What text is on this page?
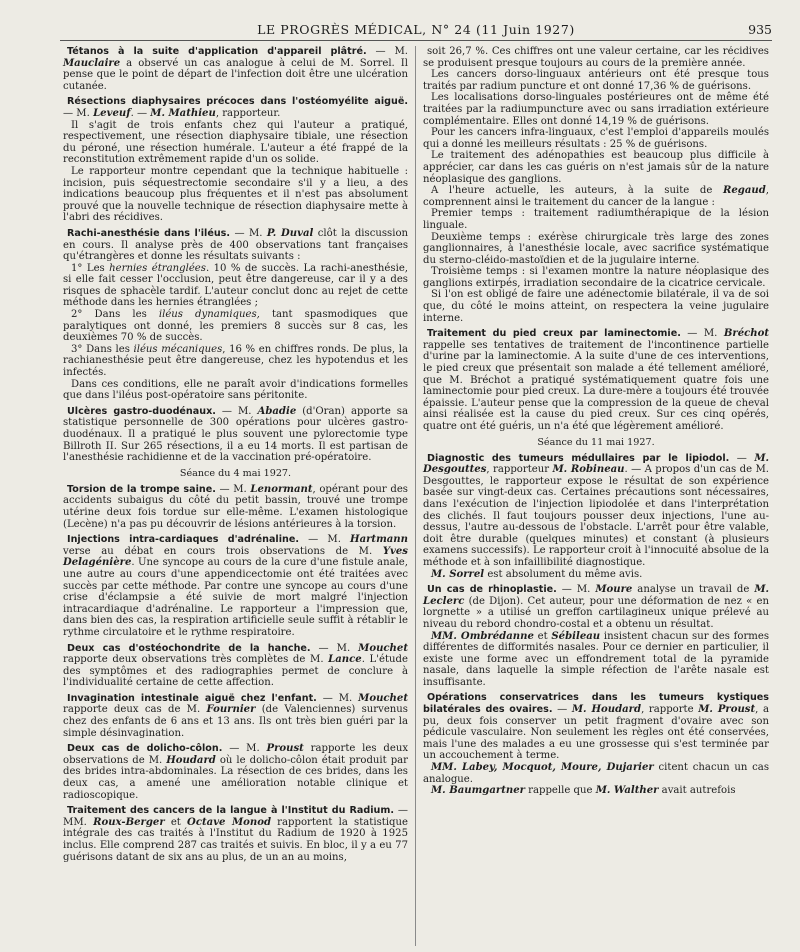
LE PROGRÈS MÉDICAL, N° 24 (11 Juin 1927)	935

Tétanos à la suite d'application d'appareil plâtré. — M. Mauclaire a observé un cas analogue à celui de M. Sorrel. Il pense que le point de départ de l'infection doit être une ulcération cutanée.

Résections diaphysaires précoces dans l'ostéomyélite aiguë. — M. Leveuf. — M. Mathieu, rapporteur.

Il s'agit de trois enfants chez qui l'auteur a pratiqué, respectivement, une résection diaphysaire tibiale, une résection du péroné, une résection humérale. L'auteur a été frappé de la reconstitution extrêmement rapide d'un os solide.

Le rapporteur montre cependant que la technique habituelle : incision, puis séquestrectomie secondaire s'il y a lieu, a des indications beaucoup plus fréquentes et il n'est pas absolument prouvé que la nouvelle technique de résection diaphysaire mette à l'abri des récidives.

Rachi-anesthésie dans l'iléus. — M. P. Duval clôt la discussion en cours. Il analyse près de 400 observations tant françaises qu'étrangères et donne les résultats suivants :

1° Les hernies étranglées. 10 % de succès. La rachi-anesthésie, si elle fait cesser l'occlusion, peut être dangereuse, car il y a des risques de sphacèle tardif. L'auteur conclut donc au rejet de cette méthode dans les hernies étranglées ;

2° Dans les iléus dynamiques, tant spasmodiques que paralytiques ont donné, les premiers 8 succès sur 8 cas, les deuxièmes 70 % de succès.

3° Dans les iléus mécaniques, 16 % en chiffres ronds. De plus, la rachianesthésie peut être dangereuse, chez les hypotendus et les infectés.

Dans ces conditions, elle ne paraît avoir d'indications formelles que dans l'iléus post-opératoire sans péritonite.

Ulcères gastro-duodénaux. — M. Abadie (d'Oran) apporte sa statistique personnelle de 300 opérations pour ulcères gastro-duodénaux. Il a pratiqué le plus souvent une pylorectomie type Billroth II. Sur 265 résections, il a eu 14 morts. Il est partisan de l'anesthésie rachidienne et de la vaccination pré-opératoire.

Séance du 4 mai 1927.

Torsion de la trompe saine. — M. Lenormant, opérant pour des accidents subaigus du côté du petit bassin, trouvé une trompe utérine deux fois tordue sur elle-même. L'examen histologique (Lecène) n'a pas pu découvrir de lésions antérieures à la torsion.

Injections intra-cardiaques d'adrénaline. — M. Hartmann verse au débat en cours trois observations de M. Yves Delagénière. Une syncope au cours de la cure d'une fistule anale, une autre au cours d'une appendicectomie ont été traitées avec succès par cette méthode. Par contre une syncope au cours d'une crise d'éclampsie a été suivie de mort malgré l'injection intracardiaque d'adrénaline. Le rapporteur a l'impression que, dans bien des cas, la respiration artificielle seule suffit à rétablir le rythme circulatoire et le rythme respiratoire.

Deux cas d'ostéochondrite de la hanche. — M. Mouchet rapporte deux observations très complètes de M. Lance. L'étude des symptômes et des radiographies permet de conclure à l'individualité certaine de cette affection.

Invagination intestinale aiguë chez l'enfant. — M. Mouchet rapporte deux cas de M. Fournier (de Valenciennes) survenus chez des enfants de 6 ans et 13 ans. Ils ont très bien guéri par la simple désinvagination.

Deux cas de dolicho-côlon. — M. Proust rapporte les deux observations de M. Houdard où le dolicho-côlon était produit par des brides intra-abdominales. La résection de ces brides, dans les deux cas, a amené une amélioration notable clinique et radioscopique.

Traitement des cancers de la langue à l'Institut du Radium. — MM. Roux-Berger et Octave Monod rapportent la statistique intégrale des cas traités à l'Institut du Radium de 1920 à 1925 inclus. Elle comprend 287 cas traités et suivis. En bloc, il y a eu 77 guérisons datant de six ans au plus, de un an au moins,

soit 26,7 %. Ces chiffres ont une valeur certaine, car les récidives se produisent presque toujours au cours de la première année.

Les cancers dorso-linguaux antérieurs ont été presque tous traités par radium puncture et ont donné 17,36 % de guérisons.

Les localisations dorso-linguales postérieures ont de même été traitées par la radiumpuncture avec ou sans irradiation extérieure complémentaire. Elles ont donné 14,19 % de guérisons.

Pour les cancers infra-linguaux, c'est l'emploi d'appareils moulés qui a donné les meilleurs résultats : 25 % de guérisons.

Le traitement des adénopathies est beaucoup plus difficile à apprécier, car dans les cas guéris on n'est jamais sûr de la nature néoplasique des ganglions.

A l'heure actuelle, les auteurs, à la suite de Regaud, comprennent ainsi le traitement du cancer de la langue :

Premier temps : traitement radiumthérapique de la lésion linguale.

Deuxième temps : exérèse chirurgicale très large des zones ganglionnaires, à l'anesthésie locale, avec sacrifice systématique du sterno-cléido-mastoïdien et de la jugulaire interne.

Troisième temps : si l'examen montre la nature néoplasique des ganglions extirpés, irradiation secondaire de la cicatrice cervicale.

Si l'on est obligé de faire une adénectomie bilatérale, il va de soi que, du côté le moins atteint, on respectera la veine jugulaire interne.

Traitement du pied creux par laminectomie. — M. Bréchot rappelle ses tentatives de traitement de l'incontinence partielle d'urine par la laminectomie. A la suite d'une de ces interventions, le pied creux que présentait son malade a été tellement amélioré, que M. Bréchot a pratiqué systématiquement quatre fois une laminectomie pour pied creux. La dure-mère a toujours été trouvée épaissie. L'auteur pense que la compression de la queue de cheval ainsi réalisée est la cause du pied creux. Sur ces cinq opérés, quatre ont été guéris, un n'a été que légèrement amélioré.

Séance du 11 mai 1927.

Diagnostic des tumeurs médullaires par le lipiodol. — M. Desgouttes, rapporteur M. Robineau. — A propos d'un cas de M. Desgouttes, le rapporteur expose le résultat de son expérience basée sur vingt-deux cas. Certaines précautions sont nécessaires, dans l'exécution de l'injection lipiodolée et dans l'interprétation des clichés. Il faut toujours pousser deux injections, l'une au-dessus, l'autre au-dessous de l'obstacle. L'arrêt pour être valable, doit être durable (quelques minutes) et constant (à plusieurs examens successifs). Le rapporteur croit à l'innocuité absolue de la méthode et à son infaillibilité diagnostique.

M. Sorrel est absolument du même avis.

Un cas de rhinoplastie. — M. Moure analyse un travail de M. Leclerc (de Dijon). Cet auteur, pour une déformation de nez « en lorgnette » a utilisé un greffon cartilagineux unique prélevé au niveau du rebord chondro-costal et a obtenu un résultat.

MM. Ombrédanne et Sébileau insistent chacun sur des formes différentes de difformités nasales. Pour ce dernier en particulier, il existe une forme avec un effondrement total de la pyramide nasale, dans laquelle la simple réfection de l'arête nasale est insuffisante.

Opérations conservatrices dans les tumeurs kystiques bilatérales des ovaires. — M. Houdard, rapporte M. Proust, a pu, deux fois conserver un petit fragment d'ovaire avec son pédicule vasculaire. Non seulement les règles ont été conservées, mais l'une des malades a eu une grossesse qui s'est terminée par un accouchement à terme.

MM. Labey, Mocquot, Moure, Dujarier citent chacun un cas analogue.

M. Baumgartner rappelle que M. Walther avait autrefois
